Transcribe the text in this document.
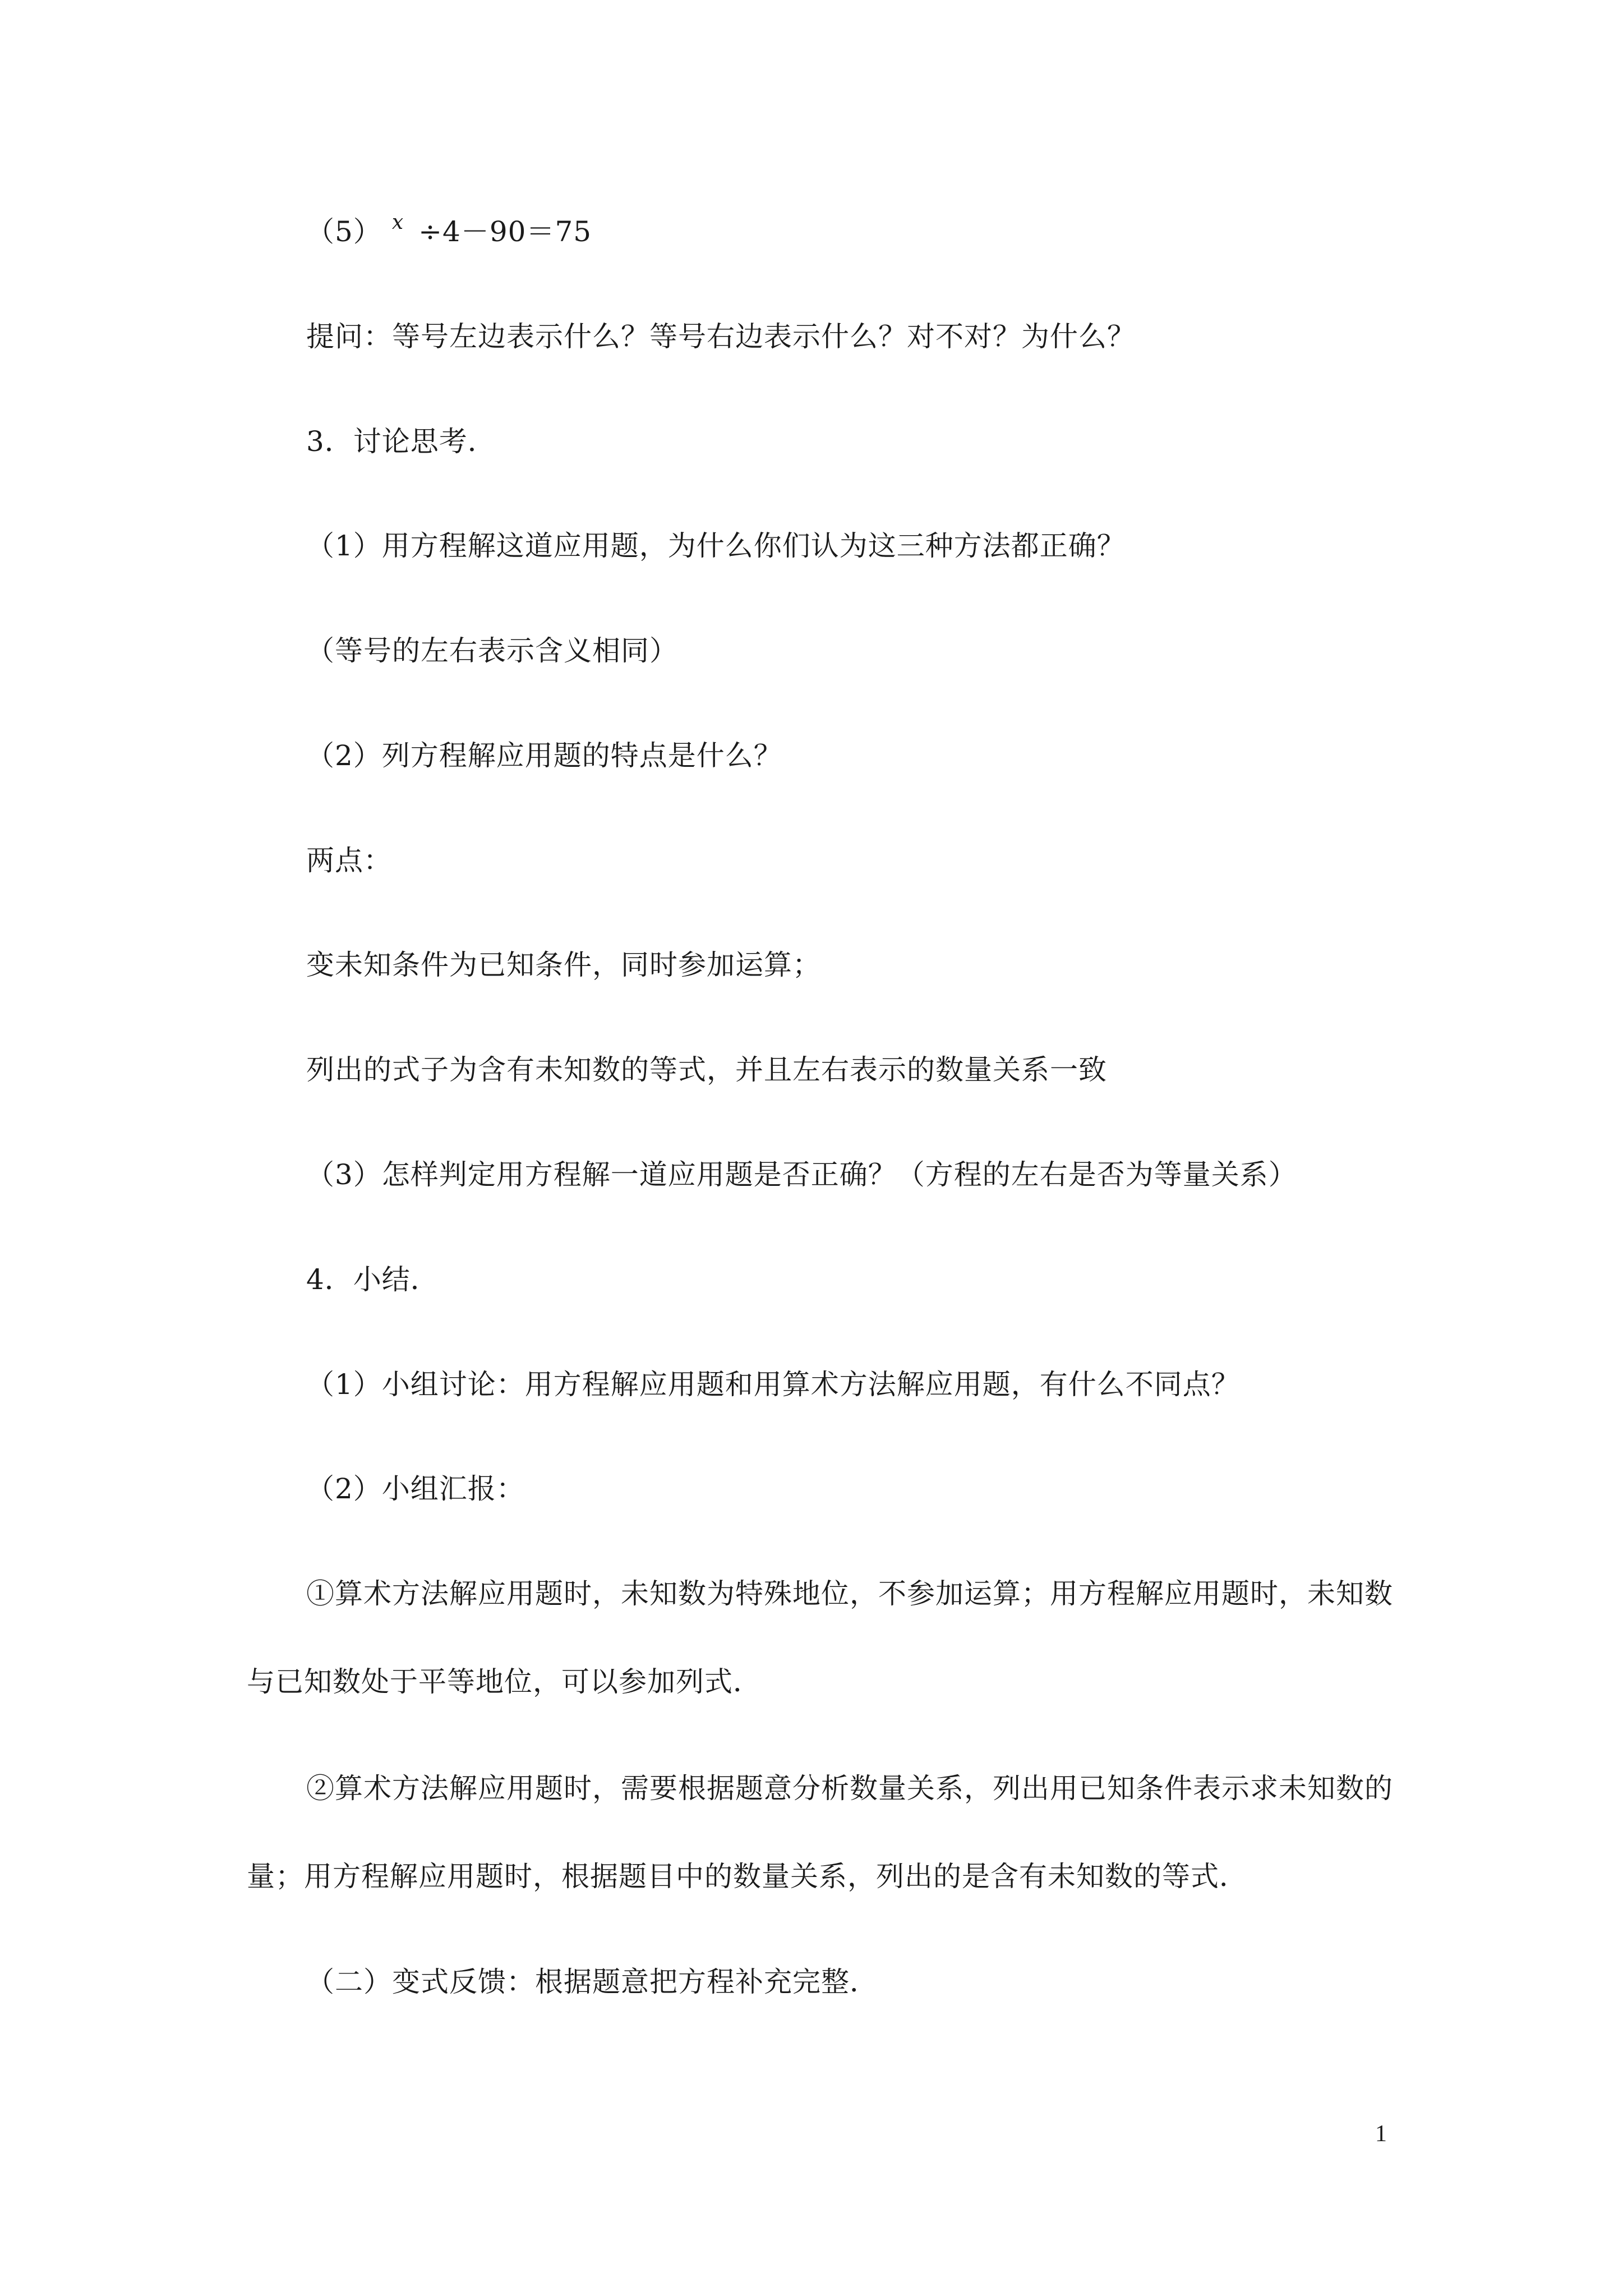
（5） $^x$ ÷4－90＝75
提问：等号左边表示什么？等号右边表示什么？对不对？为什么？
3．讨论思考．
（1）用方程解这道应用题，为什么你们认为这三种方法都正确？
（等号的左右表示含义相同）
（2）列方程解应用题的特点是什么？
两点：
变未知条件为已知条件，同时参加运算；
列出的式子为含有未知数的等式，并且左右表示的数量关系一致
（3）怎样判定用方程解一道应用题是否正确？（方程的左右是否为等量关系）
4．小结．
（1）小组讨论：用方程解应用题和用算术方法解应用题，有什么不同点？
（2）小组汇报：
①算术方法解应用题时，未知数为特殊地位，不参加运算；用方程解应用题时，未知数
与已知数处于平等地位，可以参加列式．
②算术方法解应用题时，需要根据题意分析数量关系，列出用已知条件表示求未知数的
量；用方程解应用题时，根据题目中的数量关系，列出的是含有未知数的等式．
（二）变式反馈：根据题意把方程补充完整．
1
